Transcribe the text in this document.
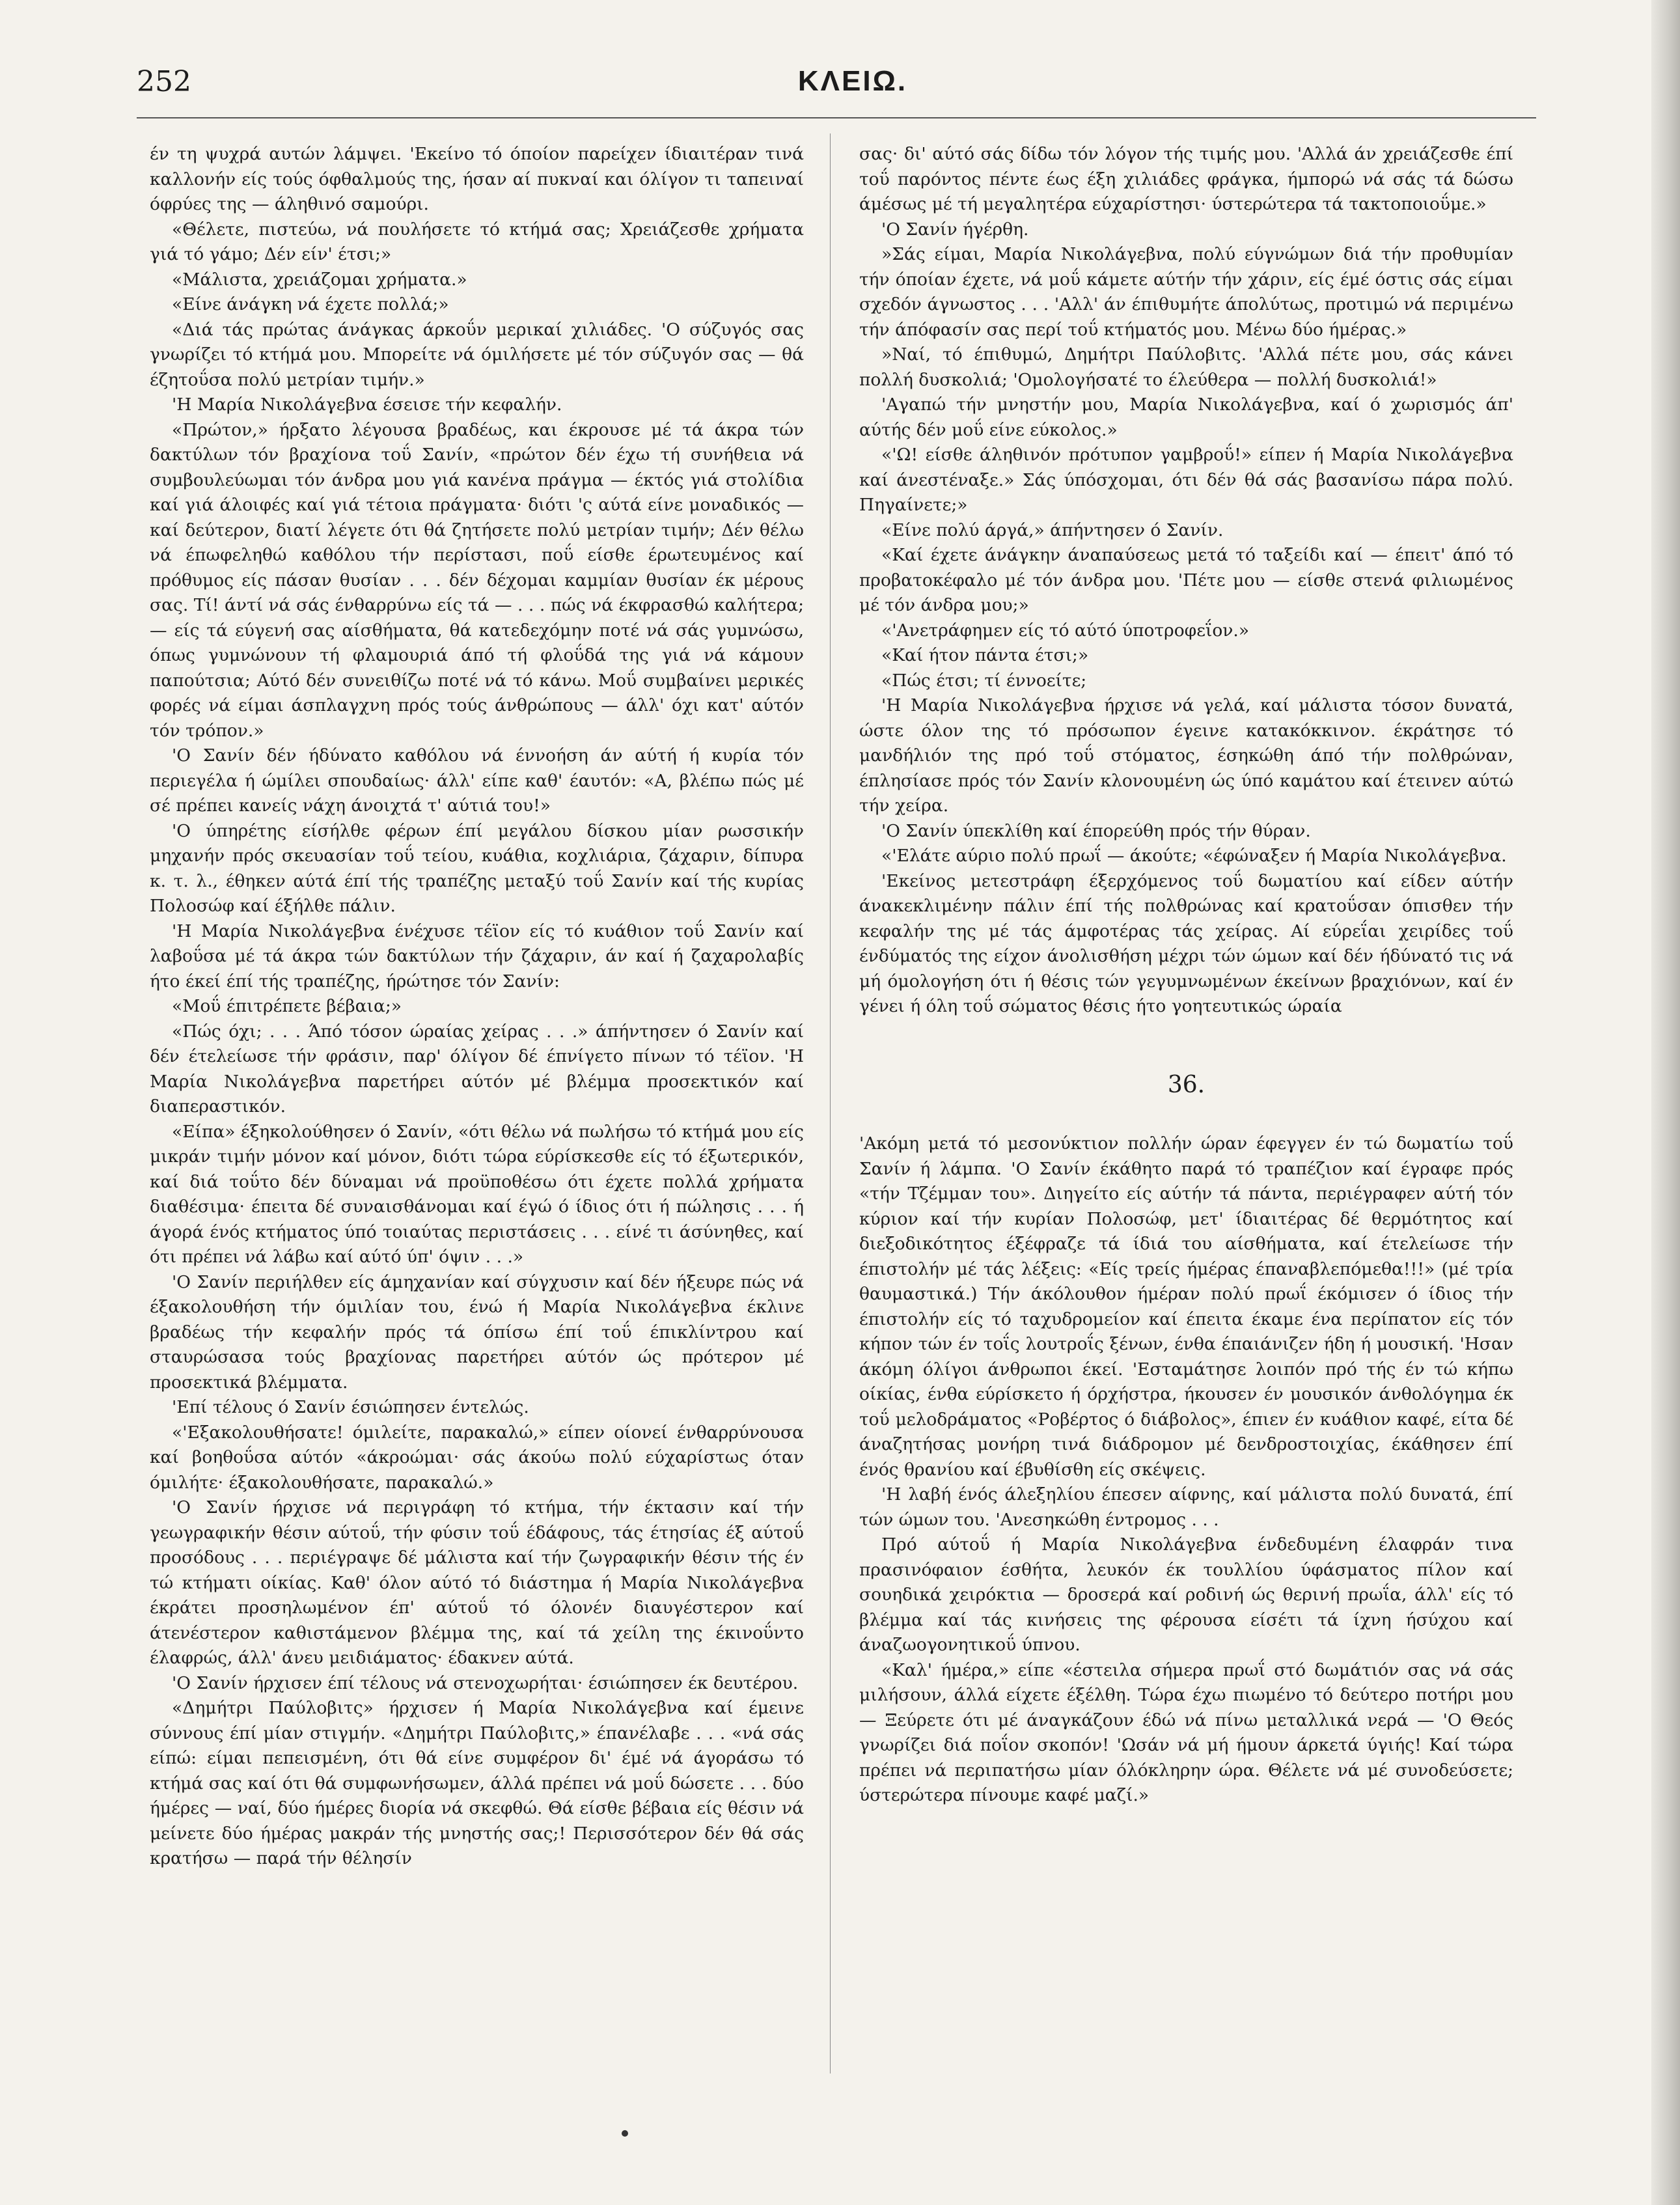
252	ΚΛΕΙΩ.

έν τη ψυχρά αυτών λάμψει. 'Εκείνο τό όποίον παρείχεν ίδιαιτέραν τινά καλλονήν είς τούς όφθαλμούς της, ήσαν αί πυκναί και όλίγον τι ταπειναί όφρύες της — άληθινό σαμούρι.

«Θέλετε, πιστεύω, νά πουλήσετε τό κτήμά σας; Χρειάζεσθε χρήματα γιά τό γάμο; Δέν είν' έτσι;»

«Μάλιστα, χρειάζομαι χρήματα.»

«Είνε άνάγκη νά έχετε πολλά;»

«Διά τάς πρώτας άνάγκας άρκοΰν μερικαί χιλιάδες. 'Ο σύζυγός σας γνωρίζει τό κτήμά μου. Μπορείτε νά όμιλήσετε μέ τόν σύζυγόν σας — θά έζητοΰσα πολύ μετρίαν τιμήν.»

'Η Μαρία Νικολάγεβνα έσεισε τήν κεφαλήν.

«Πρώτον,» ήρξατο λέγουσα βραδέως, και έκρουσε μέ τά άκρα τών δακτύλων τόν βραχίονα τοΰ Σανίν, «πρώτον δέν έχω τή συνήθεια νά συμβουλεύωμαι τόν άνδρα μου γιά κανένα πράγμα — έκτός γιά στολίδια καί γιά άλοιφές καί γιά τέτοια πράγματα· διότι 'ς αύτά είνε μοναδικός — καί δεύτερον, διατί λέγετε ότι θά ζητήσετε πολύ μετρίαν τιμήν; Δέν θέλω νά έπωφεληθώ καθόλου τήν περίστασι, ποΰ είσθε έρωτευμένος καί πρόθυμος είς πάσαν θυσίαν . . . δέν δέχομαι καμμίαν θυσίαν έκ μέρους σας. Τί! άντί νά σάς ένθαρρύνω είς τά — . . . πώς νά έκφρασθώ καλήτερα; — είς τά εύγενή σας αίσθήματα, θά κατεδεχόμην ποτέ νά σάς γυμνώσω, όπως γυμνώνουν τή φλαμουριά άπό τή φλοΰδά της γιά νά κάμουν παπούτσια; Αύτό δέν συνειθίζω ποτέ νά τό κάνω. Μοΰ συμβαίνει μερικές φορές νά είμαι άσπλαγχνη πρός τούς άνθρώπους — άλλ' όχι κατ' αύτόν τόν τρόπον.»

'Ο Σανίν δέν ήδύνατο καθόλου νά έννοήση άν αύτή ή κυρία τόν περιεγέλα ή ώμίλει σπουδαίως· άλλ' είπε καθ' έαυτόν: «Α, βλέπω πώς μέ σέ πρέπει κανείς νάχη άνοιχτά τ' αύτιά του!»

'Ο ύπηρέτης είσήλθε φέρων έπί μεγάλου δίσκου μίαν ρωσσικήν μηχανήν πρός σκευασίαν τοΰ τείου, κυάθια, κοχλιάρια, ζάχαριν, δίπυρα κ. τ. λ., έθηκεν αύτά έπί τής τραπέζης μεταξύ τοΰ Σανίν καί τής κυρίας Πολοσώφ καί έξήλθε πάλιν.

'Η Μαρία Νικολάγεβνα ένέχυσε τέϊον είς τό κυάθιον τοΰ Σανίν καί λαβοΰσα μέ τά άκρα τών δακτύλων τήν ζάχαριν, άν καί ή ζαχαρολαβίς ήτο έκεί έπί τής τραπέζης, ήρώτησε τόν Σανίν:

«Μοΰ έπιτρέπετε βέβαια;»

«Πώς όχι; . . . Άπό τόσον ώραίας χείρας . . .» άπήντησεν ό Σανίν καί δέν έτελείωσε τήν φράσιν, παρ' όλίγον δέ έπνίγετο πίνων τό τέϊον. 'Η Μαρία Νικολάγεβνα παρετήρει αύτόν μέ βλέμμα προσεκτικόν καί διαπεραστικόν.

«Είπα» έξηκολούθησεν ό Σανίν, «ότι θέλω νά πωλήσω τό κτήμά μου είς μικράν τιμήν μόνον καί μόνον, διότι τώρα εύρίσκεσθε είς τό έξωτερικόν, καί διά τοΰτο δέν δύναμαι νά προϋποθέσω ότι έχετε πολλά χρήματα διαθέσιμα· έπειτα δέ συναισθάνομαι καί έγώ ό ίδιος ότι ή πώλησις . . . ή άγορά ένός κτήματος ύπό τοιαύτας περιστάσεις . . . είνέ τι άσύνηθες, καί ότι πρέπει νά λάβω καί αύτό ύπ' όψιν . . .»

'Ο Σανίν περιήλθεν είς άμηχανίαν καί σύγχυσιν καί δέν ήξευρε πώς νά έξακολουθήση τήν όμιλίαν του, ένώ ή Μαρία Νικολάγεβνα έκλινε βραδέως τήν κεφαλήν πρός τά όπίσω έπί τοΰ έπικλίντρου καί σταυρώσασα τούς βραχίονας παρετήρει αύτόν ώς πρότερον μέ προσεκτικά βλέμματα.

'Επί τέλους ό Σανίν έσιώπησεν έντελώς.

«'Εξακολουθήσατε! όμιλείτε, παρακαλώ,» είπεν οίονεί ένθαρρύνουσα καί βοηθοΰσα αύτόν «άκροώμαι· σάς άκούω πολύ εύχαρίστως όταν όμιλήτε· έξακολουθήσατε, παρακαλώ.»

'Ο Σανίν ήρχισε νά περιγράφη τό κτήμα, τήν έκτασιν καί τήν γεωγραφικήν θέσιν αύτοΰ, τήν φύσιν τοΰ έδάφους, τάς έτησίας έξ αύτοΰ προσόδους . . . περιέγραψε δέ μάλιστα καί τήν ζωγραφικήν θέσιν τής έν τώ κτήματι οίκίας. Καθ' όλον αύτό τό διάστημα ή Μαρία Νικολάγεβνα έκράτει προσηλωμένον έπ' αύτοΰ τό όλονέν διαυγέστερον καί άτενέστερον καθιστάμενον βλέμμα της, καί τά χείλη της έκινοΰντο έλαφρώς, άλλ' άνευ μειδιάματος· έδακνεν αύτά.

'Ο Σανίν ήρχισεν έπί τέλους νά στενοχωρήται· έσιώπησεν έκ δευτέρου.

«Δημήτρι Παύλοβιτς» ήρχισεν ή Μαρία Νικολάγεβνα καί έμεινε σύννους έπί μίαν στιγμήν. «Δημήτρι Παύλοβιτς,» έπανέλαβε . . . «νά σάς είπώ: είμαι πεπεισμένη, ότι θά είνε συμφέρον δι' έμέ νά άγοράσω τό κτήμά σας καί ότι θά συμφωνήσωμεν, άλλά πρέπει νά μοΰ δώσετε . . . δύο ήμέρες — ναί, δύο ήμέρες διορία νά σκεφθώ. Θά είσθε βέβαια είς θέσιν νά μείνετε δύο ήμέρας μακράν τής μνηστής σας;! Περισσότερον δέν θά σάς κρατήσω — παρά τήν θέλησίν

σας· δι' αύτό σάς δίδω τόν λόγον τής τιμής μου. 'Αλλά άν χρειάζεσθε έπί τοΰ παρόντος πέντε έως έξη χιλιάδες φράγκα, ήμπορώ νά σάς τά δώσω άμέσως μέ τή μεγαλητέρα εύχαρίστησι· ύστερώτερα τά τακτοποιοΰμε.»

'Ο Σανίν ήγέρθη.

»Σάς είμαι, Μαρία Νικολάγεβνα, πολύ εύγνώμων διά τήν προθυμίαν τήν όποίαν έχετε, νά μοΰ κάμετε αύτήν τήν χάριν, είς έμέ όστις σάς είμαι σχεδόν άγνωστος . . . 'Αλλ' άν έπιθυμήτε άπολύτως, προτιμώ νά περιμένω τήν άπόφασίν σας περί τοΰ κτήματός μου. Μένω δύο ήμέρας.»

»Ναί, τό έπιθυμώ, Δημήτρι Παύλοβιτς. 'Αλλά πέτε μου, σάς κάνει πολλή δυσκολιά; 'Ομολογήσατέ το έλεύθερα — πολλή δυσκολιά!»

'Αγαπώ τήν μνηστήν μου, Μαρία Νικολάγεβνα, καί ό χωρισμός άπ' αύτής δέν μοΰ είνε εύκολος.»

«'Ω! είσθε άληθινόν πρότυπον γαμβροΰ!» είπεν ή Μαρία Νικολάγεβνα καί άνεστέναξε.» Σάς ύπόσχομαι, ότι δέν θά σάς βασανίσω πάρα πολύ. Πηγαίνετε;»

«Είνε πολύ άργά,» άπήντησεν ό Σανίν.

«Καί έχετε άνάγκην άναπαύσεως μετά τό ταξείδι καί — έπειτ' άπό τό προβατοκέφαλο μέ τόν άνδρα μου. 'Πέτε μου — είσθε στενά φιλιωμένος μέ τόν άνδρα μου;»

«'Ανετράφημεν είς τό αύτό ύποτροφεΐον.»

«Καί ήτον πάντα έτσι;»

«Πώς έτσι; τί έννοείτε;

'Η Μαρία Νικολάγεβνα ήρχισε νά γελά, καί μάλιστα τόσον δυνατά, ώστε όλον της τό πρόσωπον έγεινε κατακόκκινον. έκράτησε τό μανδήλιόν της πρό τοΰ στόματος, έσηκώθη άπό τήν πολθρώναν, έπλησίασε πρός τόν Σανίν κλονουμένη ώς ύπό καμάτου καί έτεινεν αύτώ τήν χείρα.

'Ο Σανίν ύπεκλίθη καί έπορεύθη πρός τήν θύραν.

«'Ελάτε αύριο πολύ πρωΐ — άκούτε; «έφώναξεν ή Μαρία Νικολάγεβνα.

'Εκείνος μετεστράφη έξερχόμενος τοΰ δωματίου καί είδεν αύτήν άνακεκλιμένην πάλιν έπί τής πολθρώνας καί κρατοΰσαν όπισθεν τήν κεφαλήν της μέ τάς άμφοτέρας τάς χείρας. Αί εύρεΐαι χειρίδες τοΰ ένδύματός της είχον άνολισθήση μέχρι τών ώμων καί δέν ήδύνατό τις νά μή όμολογήση ότι ή θέσις τών γεγυμνωμένων έκείνων βραχιόνων, καί έν γένει ή όλη τοΰ σώματος θέσις ήτο γοητευτικώς ώραία

36.

'Ακόμη μετά τό μεσονύκτιον πολλήν ώραν έφεγγεν έν τώ δωματίω τοΰ Σανίν ή λάμπα. 'Ο Σανίν έκάθητο παρά τό τραπέζιον καί έγραφε πρός «τήν Τζέμμαν του». Διηγείτο είς αύτήν τά πάντα, περιέγραφεν αύτή τόν κύριον καί τήν κυρίαν Πολοσώφ, μετ' ίδιαιτέρας δέ θερμότητος καί διεξοδικότητος έξέφραζε τά ίδιά του αίσθήματα, καί έτελείωσε τήν έπιστολήν μέ τάς λέξεις: «Είς τρείς ήμέρας έπαναβλεπόμεθα!!!» (μέ τρία θαυμαστικά.) Τήν άκόλουθον ήμέραν πολύ πρωΐ έκόμισεν ό ίδιος τήν έπιστολήν είς τό ταχυδρομείον καί έπειτα έκαμε ένα περίπατον είς τόν κήπον τών έν τοΐς λουτροΐς ξένων, ένθα έπαιάνιζεν ήδη ή μουσική. 'Ησαν άκόμη όλίγοι άνθρωποι έκεί. 'Εσταμάτησε λοιπόν πρό τής έν τώ κήπω οίκίας, ένθα εύρίσκετο ή όρχήστρα, ήκουσεν έν μουσικόν άνθολόγημα έκ τοΰ μελοδράματος «Ροβέρτος ό διάβολος», έπιεν έν κυάθιον καφέ, είτα δέ άναζητήσας μονήρη τινά διάδρομον μέ δενδροστοιχίας, έκάθησεν έπί ένός θρανίου καί έβυθίσθη είς σκέψεις.

'Η λαβή ένός άλεξηλίου έπεσεν αίφνης, καί μάλιστα πολύ δυνατά, έπί τών ώμων του. 'Ανεσηκώθη έντρομος . . .

Πρό αύτοΰ ή Μαρία Νικολάγεβνα ένδεδυμένη έλαφράν τινα πρασινόφαιον έσθήτα, λευκόν έκ τουλλίου ύφάσματος πίλον καί σουηδικά χειρόκτια — δροσερά καί ροδινή ώς θερινή πρωΐα, άλλ' είς τό βλέμμα καί τάς κινήσεις της φέρουσα είσέτι τά ίχνη ήσύχου καί άναζωογονητικοΰ ύπνου.

«Καλ' ήμέρα,» είπε «έστειλα σήμερα πρωΐ στό δωμάτιόν σας νά σάς μιλήσουν, άλλά είχετε έξέλθη. Τώρα έχω πιωμένο τό δεύτερο ποτήρι μου — Ξεύρετε ότι μέ άναγκάζουν έδώ νά πίνω μεταλλικά νερά — 'Ο Θεός γνωρίζει διά ποΐον σκοπόν! 'Ωσάν νά μή ήμουν άρκετά ύγιής! Καί τώρα πρέπει νά περιπατήσω μίαν όλόκληρην ώρα. Θέλετε νά μέ συνοδεύσετε; ύστερώτερα πίνουμε καφέ μαζί.»
